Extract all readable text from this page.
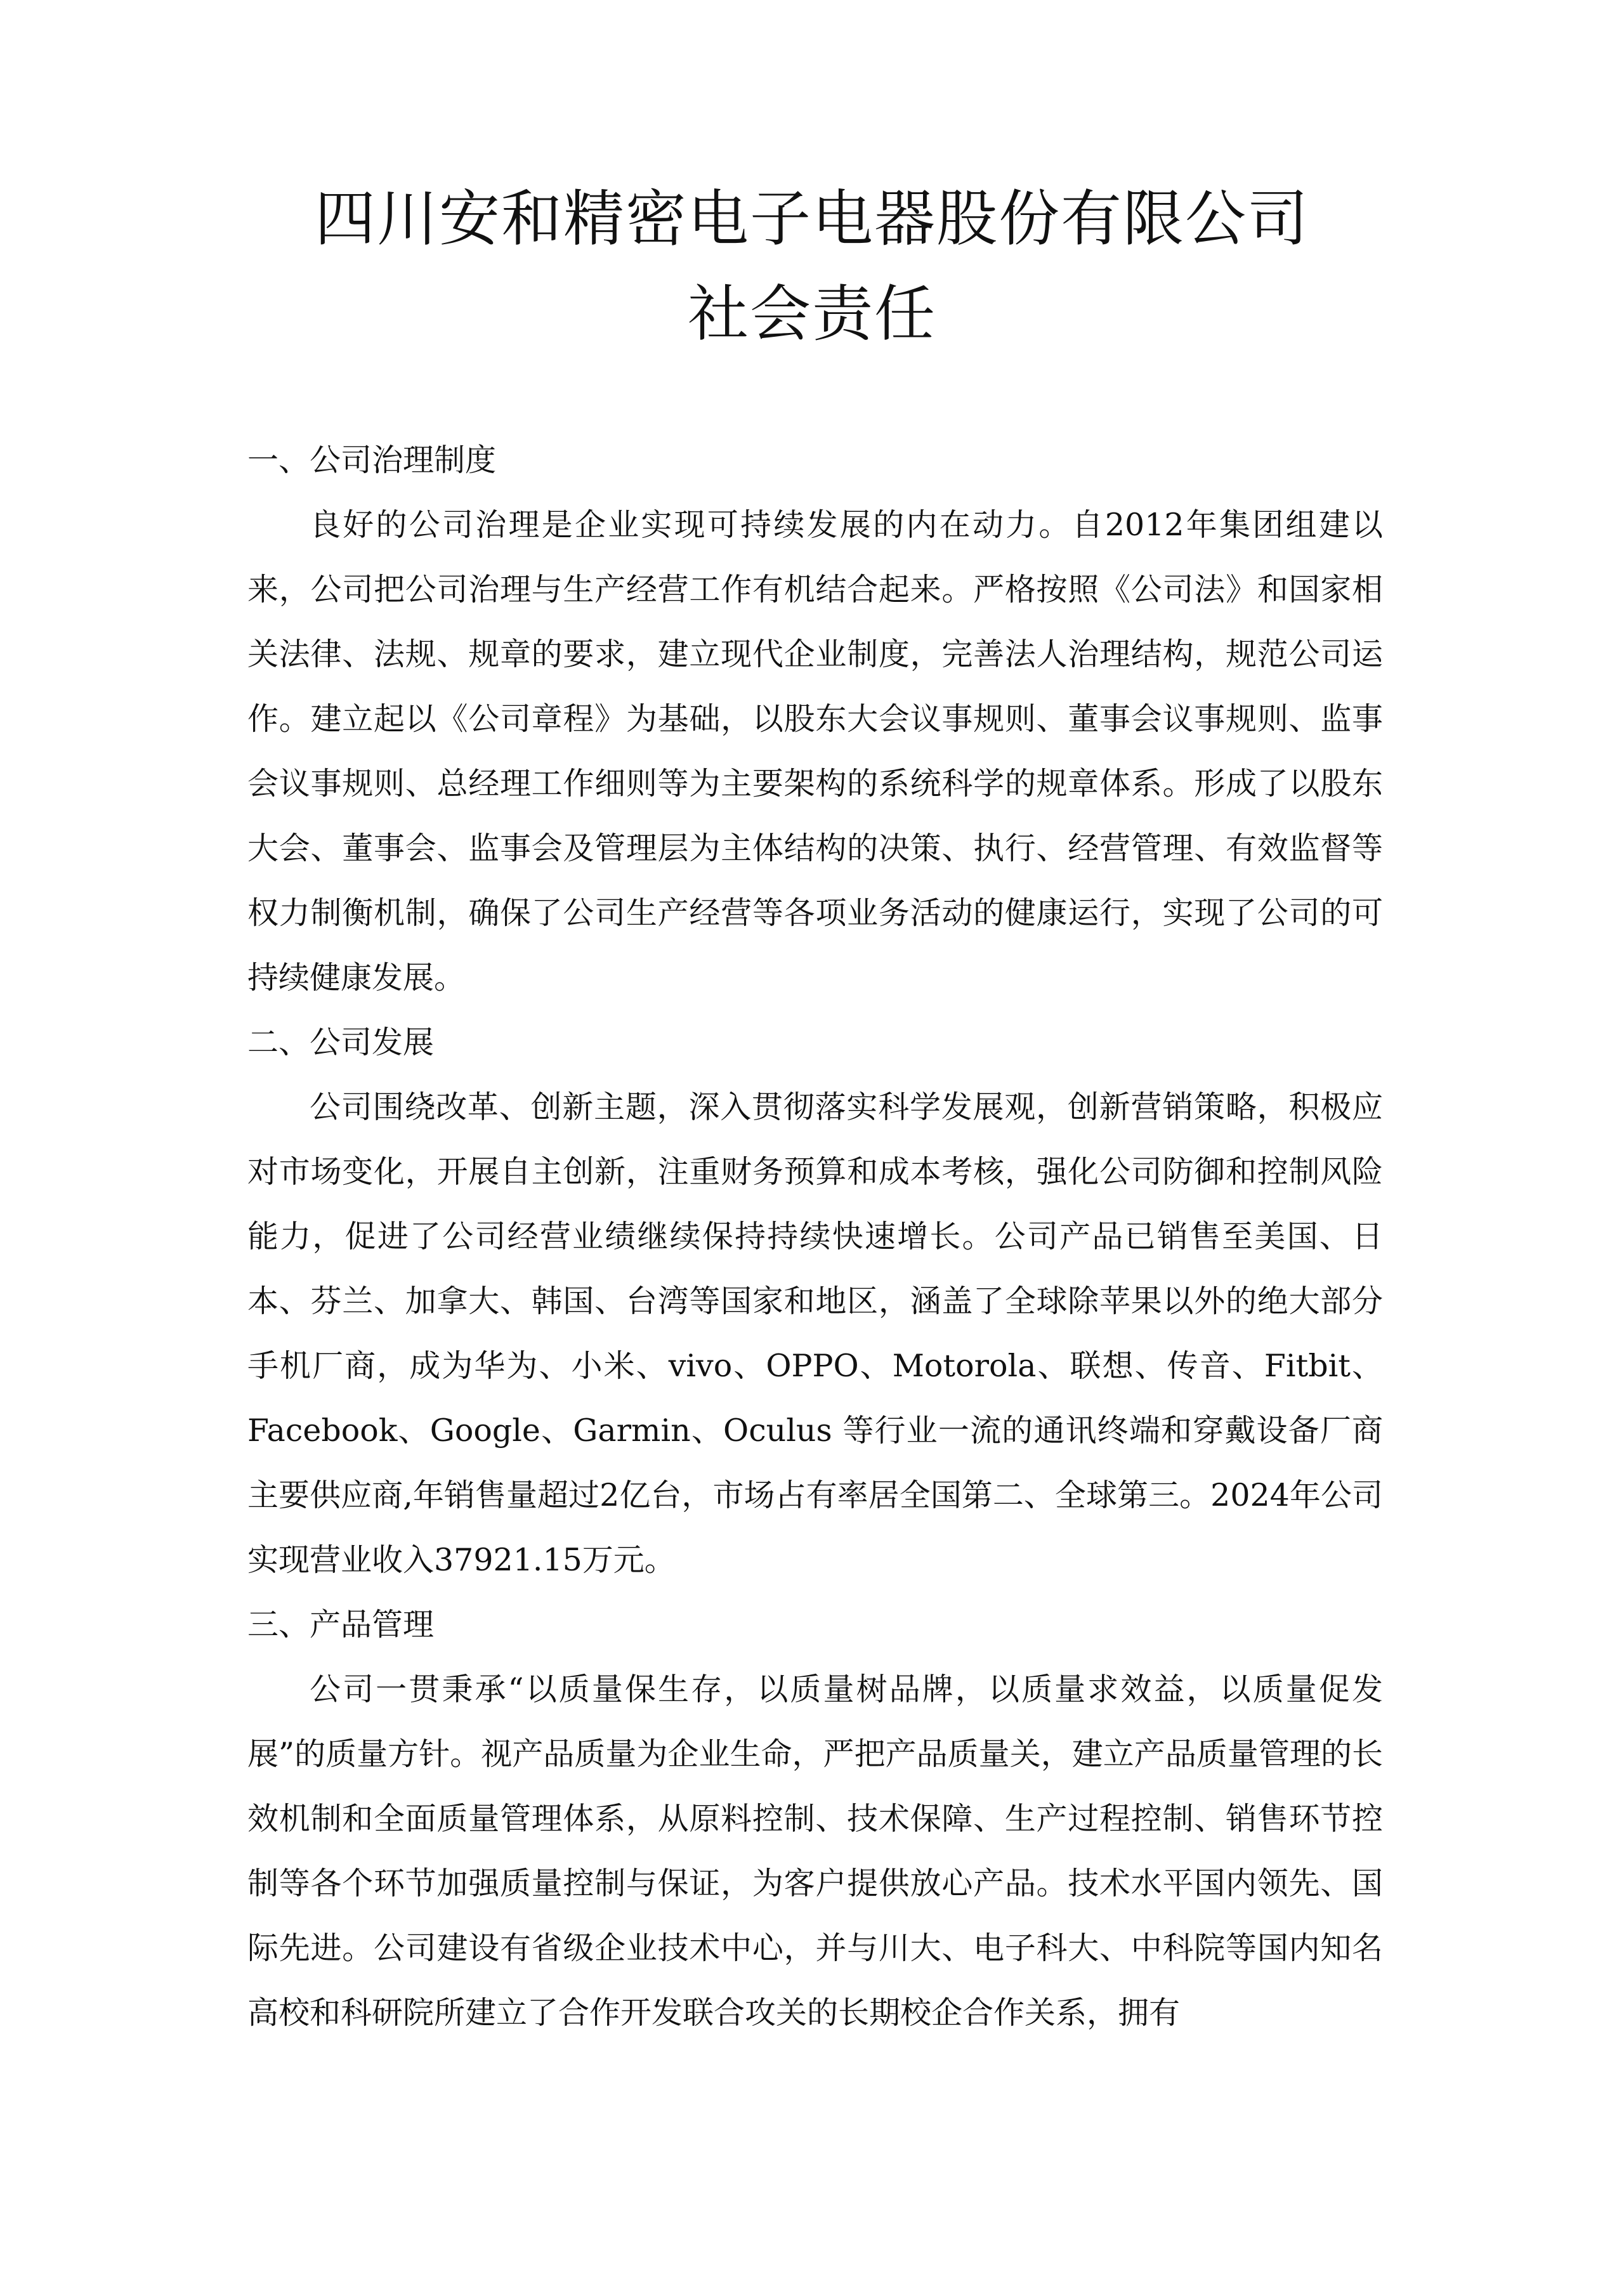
四川安和精密电子电器股份有限公司

社会责任

一、公司治理制度

良好的公司治理是企业实现可持续发展的内在动力。自2012年集团组建以来，公司把公司治理与生产经营工作有机结合起来。严格按照《公司法》和国家相关法律、法规、规章的要求，建立现代企业制度，完善法人治理结构，规范公司运作。建立起以《公司章程》为基础，以股东大会议事规则、董事会议事规则、监事会议事规则、总经理工作细则等为主要架构的系统科学的规章体系。形成了以股东大会、董事会、监事会及管理层为主体结构的决策、执行、经营管理、有效监督等权力制衡机制，确保了公司生产经营等各项业务活动的健康运行，实现了公司的可持续健康发展。

二、公司发展

公司围绕改革、创新主题，深入贯彻落实科学发展观，创新营销策略，积极应对市场变化，开展自主创新，注重财务预算和成本考核，强化公司防御和控制风险能力，促进了公司经营业绩继续保持持续快速增长。公司产品已销售至美国、日本、芬兰、加拿大、韩国、台湾等国家和地区，涵盖了全球除苹果以外的绝大部分手机厂商，成为华为、小米、vivo、OPPO、Motorola、联想、传音、Fitbit、Facebook、Google、Garmin、Oculus 等行业一流的通讯终端和穿戴设备厂商主要供应商,年销售量超过2亿台，市场占有率居全国第二、全球第三。2024年公司实现营业收入37921.15万元。

三、产品管理

公司一贯秉承“以质量保生存，以质量树品牌，以质量求效益，以质量促发展”的质量方针。视产品质量为企业生命，严把产品质量关，建立产品质量管理的长效机制和全面质量管理体系，从原料控制、技术保障、生产过程控制、销售环节控制等各个环节加强质量控制与保证，为客户提供放心产品。技术水平国内领先、国际先进。公司建设有省级企业技术中心，并与川大、电子科大、中科院等国内知名高校和科研院所建立了合作开发联合攻关的长期校企合作关系，拥有
